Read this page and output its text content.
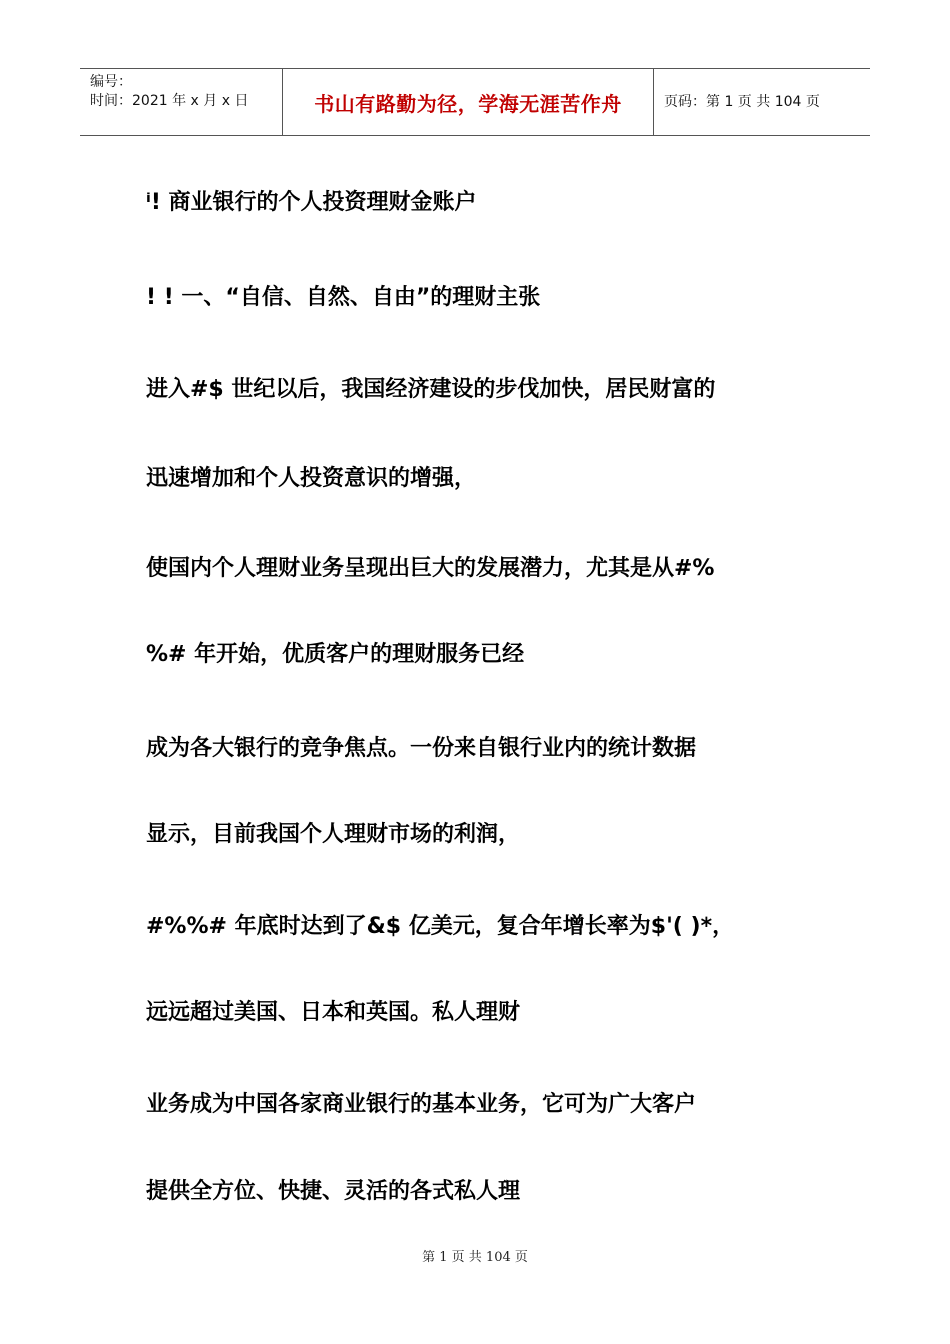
编号：
时间：2021 年 x 月 x 日	书山有路勤为径，学海无涯苦作舟	页码：第 1 页 共 104 页
ⁱ! 商业银行的个人投资理财金账户
! ! 一、“自信、自然、自由”的理财主张
进入#$ 世纪以后，我国经济建设的步伐加快，居民财富的
迅速增加和个人投资意识的增强，
使国内个人理财业务呈现出巨大的发展潜力，尤其是从#%
%# 年开始，优质客户的理财服务已经
成为各大银行的竞争焦点。一份来自银行业内的统计数据
显示，目前我国个人理财市场的利润，
#%%# 年底时达到了&$ 亿美元，复合年增长率为$'( )*，
远远超过美国、日本和英国。私人理财
业务成为中国各家商业银行的基本业务，它可为广大客户
提供全方位、快捷、灵活的各式私人理
第 1 页 共 104 页
